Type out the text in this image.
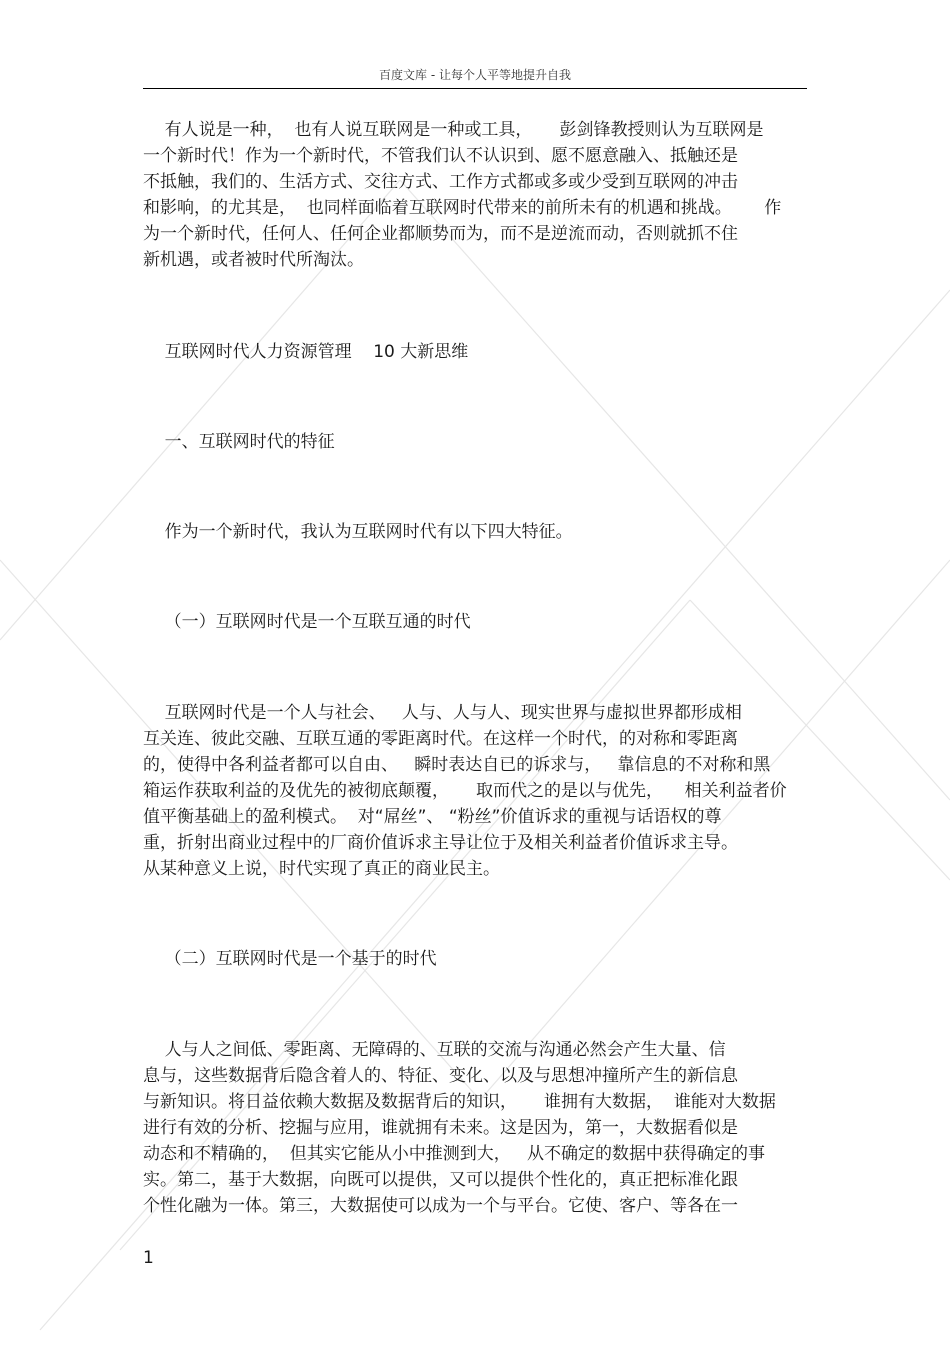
百度文库 - 让每个人平等地提升自我
有人说是一种，  也有人说互联网是一种或工具，     彭剑锋教授则认为互联网是
一个新时代！作为一个新时代，不管我们认不认识到、愿不愿意融入、抵触还是
不抵触，我们的、生活方式、交往方式、工作方式都或多或少受到互联网的冲击
和影响，的尤其是，  也同样面临着互联网时代带来的前所未有的机遇和挑战。      作
为一个新时代，任何人、任何企业都顺势而为，而不是逆流而动，否则就抓不住
新机遇，或者被时代所淘汰。

互联网时代人力资源管理    10 大新思维

一、互联网时代的特征

作为一个新时代，我认为互联网时代有以下四大特征。

（一）互联网时代是一个互联互通的时代

互联网时代是一个人与社会、   人与、人与人、现实世界与虚拟世界都形成相
互关连、彼此交融、互联互通的零距离时代。在这样一个时代，的对称和零距离
的，使得中各利益者都可以自由、   瞬时表达自已的诉求与，   靠信息的不对称和黑
箱运作获取利益的及优先的被彻底颠覆，     取而代之的是以与优先，    相关利益者价
值平衡基础上的盈利模式。  对“屌丝”、 “粉丝”价值诉求的重视与话语权的尊
重，折射出商业过程中的厂商价值诉求主导让位于及相关利益者价值诉求主导。
从某种意义上说，时代实现了真正的商业民主。

（二）互联网时代是一个基于的时代

人与人之间低、零距离、无障碍的、互联的交流与沟通必然会产生大量、信
息与，这些数据背后隐含着人的、特征、变化、以及与思想冲撞所产生的新信息
与新知识。将日益依赖大数据及数据背后的知识，     谁拥有大数据，  谁能对大数据
进行有效的分析、挖掘与应用，谁就拥有未来。这是因为，第一，大数据看似是
动态和不精确的，  但其实它能从小中推测到大，   从不确定的数据中获得确定的事
实。第二，基于大数据，向既可以提供，又可以提供个性化的，真正把标准化跟
个性化融为一体。第三，大数据使可以成为一个与平台。它使、客户、等各在一
1
